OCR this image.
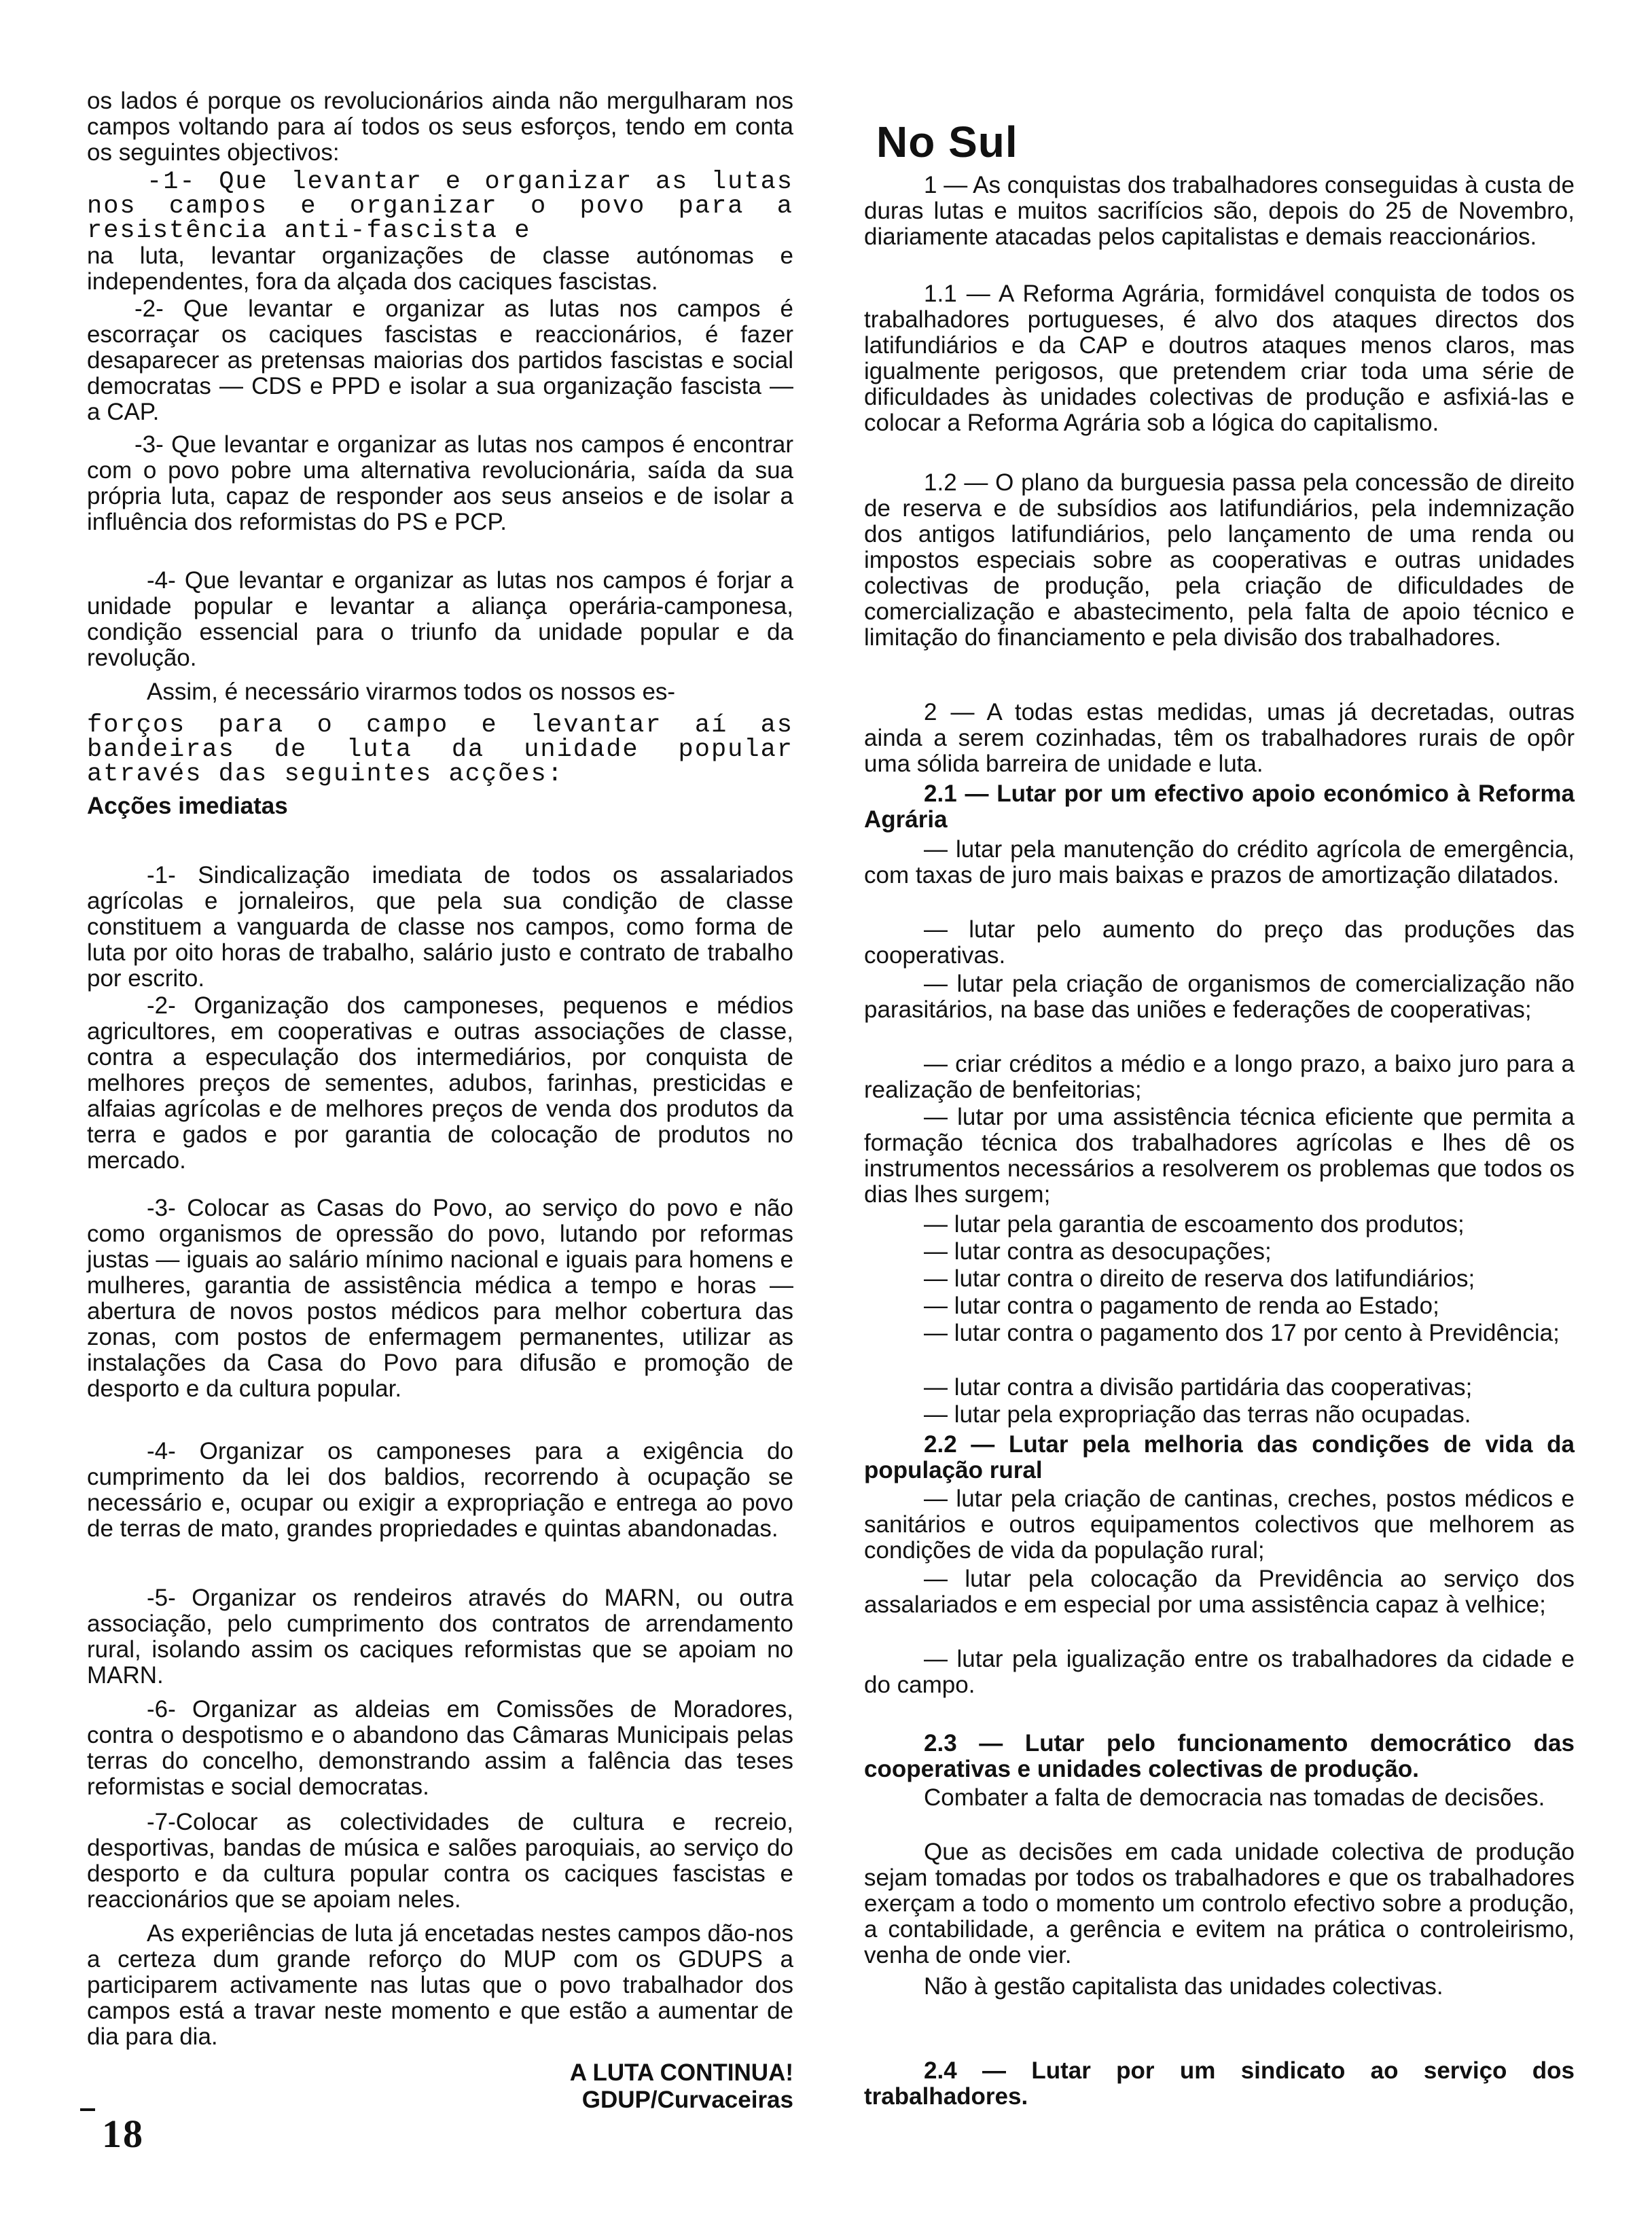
os lados é porque os revolucionários ainda não mergulharam nos campos voltando para aí todos os seus esforços, tendo em conta os seguintes objectivos:

-1- Que levantar e organizar as lutas nos campos e organizar o povo para a resistência anti-fascista e

na luta, levantar organizações de classe autónomas e independentes, fora da alçada dos caciques fascistas.

-2- Que levantar e organizar as lutas nos campos é escorraçar os caciques fascistas e reaccionários, é fazer desaparecer as pretensas maiorias dos partidos fascistas e social democratas — CDS e PPD e isolar a sua organização fascista — a CAP.

-3- Que levantar e organizar as lutas nos campos é encontrar com o povo pobre uma alternativa revolucionária, saída da sua própria luta, capaz de responder aos seus anseios e de isolar a influência dos reformistas do PS e PCP.

-4- Que levantar e organizar as lutas nos campos é forjar a unidade popular e levantar a aliança operária-camponesa, condição essencial para o triunfo da unidade popular e da revolução.

Assim, é necessário virarmos todos os nossos es-

forços para o campo e levantar aí as bandeiras de luta da unidade popular através das seguintes acções:

Acções imediatas

-1- Sindicalização imediata de todos os assalariados agrícolas e jornaleiros, que pela sua condição de classe constituem a vanguarda de classe nos campos, como forma de luta por oito horas de trabalho, salário justo e contrato de trabalho por escrito.

-2- Organização dos camponeses, pequenos e médios agricultores, em cooperativas e outras associações de classe, contra a especulação dos intermediários, por conquista de melhores preços de sementes, adubos, farinhas, presticidas e alfaias agrícolas e de melhores preços de venda dos produtos da terra e gados e por garantia de colocação de produtos no mercado.

-3- Colocar as Casas do Povo, ao serviço do povo e não como organismos de opressão do povo, lutando por reformas justas — iguais ao salário mínimo nacional e iguais para homens e mulheres, garantia de assistência médica a tempo e horas — abertura de novos postos médicos para melhor cobertura das zonas, com postos de enfermagem permanentes, utilizar as instalações da Casa do Povo para difusão e promoção de desporto e da cultura popular.

-4- Organizar os camponeses para a exigência do cumprimento da lei dos baldios, recorrendo à ocupação se necessário e, ocupar ou exigir a expropriação e entrega ao povo de terras de mato, grandes propriedades e quintas abandonadas.

-5- Organizar os rendeiros através do MARN, ou outra associação, pelo cumprimento dos contratos de arrendamento rural, isolando assim os caciques reformistas que se apoiam no MARN.

-6- Organizar as aldeias em Comissões de Moradores, contra o despotismo e o abandono das Câmaras Municipais pelas terras do concelho, demonstrando assim a falência das teses reformistas e social democratas.

-7-Colocar as colectividades de cultura e recreio, desportivas, bandas de música e salões paroquiais, ao serviço do desporto e da cultura popular contra os caciques fascistas e reaccionários que se apoiam neles.

As experiências de luta já encetadas nestes campos dão-nos a certeza dum grande reforço do MUP com os GDUPS a participarem activamente nas lutas que o povo trabalhador dos campos está a travar neste momento e que estão a aumentar de dia para dia.

A LUTA CONTINUA!
GDUP/Curvaceiras
18
No Sul

1 — As conquistas dos trabalhadores conseguidas à custa de duras lutas e muitos sacrifícios são, depois do 25 de Novembro, diariamente atacadas pelos capitalistas e demais reaccionários.

1.1 — A Reforma Agrária, formidável conquista de todos os trabalhadores portugueses, é alvo dos ataques directos dos latifundiários e da CAP e doutros ataques menos claros, mas igualmente perigosos, que pretendem criar toda uma série de dificuldades às unidades colectivas de produção e asfixiá-las e colocar a Reforma Agrária sob a lógica do capitalismo.

1.2 — O plano da burguesia passa pela concessão de direito de reserva e de subsídios aos latifundiários, pela indemnização dos antigos latifundiários, pelo lançamento de uma renda ou impostos especiais sobre as cooperativas e outras unidades colectivas de produção, pela criação de dificuldades de comercialização e abastecimento, pela falta de apoio técnico e limitação do financiamento e pela divisão dos trabalhadores.

2 — A todas estas medidas, umas já decretadas, outras ainda a serem cozinhadas, têm os trabalhadores rurais de opôr uma sólida barreira de unidade e luta.

2.1 — Lutar por um efectivo apoio económico à Reforma Agrária

— lutar pela manutenção do crédito agrícola de emergência, com taxas de juro mais baixas e prazos de amortização dilatados.

— lutar pelo aumento do preço das produções das cooperativas.

— lutar pela criação de organismos de comercialização não parasitários, na base das uniões e federações de cooperativas;

— criar créditos a médio e a longo prazo, a baixo juro para a realização de benfeitorias;

— lutar por uma assistência técnica eficiente que permita a formação técnica dos trabalhadores agrícolas e lhes dê os instrumentos necessários a resolverem os problemas que todos os dias lhes surgem;

— lutar pela garantia de escoamento dos produtos;

— lutar contra as desocupações;

— lutar contra o direito de reserva dos latifundiários;

— lutar contra o pagamento de renda ao Estado;

— lutar contra o pagamento dos 17 por cento à Previdência;

— lutar contra a divisão partidária das cooperativas;

— lutar pela expropriação das terras não ocupadas.

2.2 — Lutar pela melhoria das condições de vida da população rural

— lutar pela criação de cantinas, creches, postos médicos e sanitários e outros equipamentos colectivos que melhorem as condições de vida da população rural;

— lutar pela colocação da Previdência ao serviço dos assalariados e em especial por uma assistência capaz à velhice;

— lutar pela igualização entre os trabalhadores da cidade e do campo.

2.3 — Lutar pelo funcionamento democrático das cooperativas e unidades colectivas de produção.

Combater a falta de democracia nas tomadas de decisões.

Que as decisões em cada unidade colectiva de produção sejam tomadas por todos os trabalhadores e que os trabalhadores exerçam a todo o momento um controlo efectivo sobre a produção, a contabilidade, a gerência e evitem na prática o controleirismo, venha de onde vier.

Não à gestão capitalista das unidades colectivas.

2.4 — Lutar por um sindicato ao serviço dos trabalhadores.
